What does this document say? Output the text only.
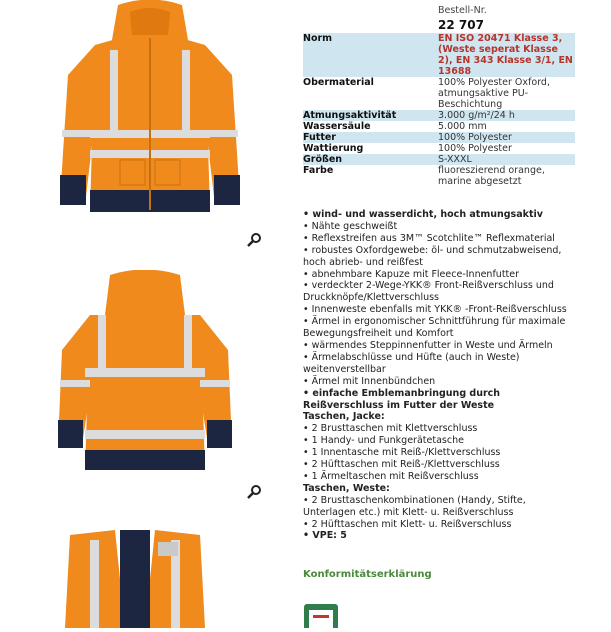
Bestell-Nr.
22 707
Norm	EN ISO 20471 Klasse 3, (Weste seperat Klasse 2), EN 343 Klasse 3/1, EN 13688
Obermaterial	100% Polyester Oxford, atmungsaktive PU-Beschichtung
Atmungsaktivität	3.000 g/m²/24 h
Wassersäule	5.000 mm
Futter	100% Polyester
Wattierung	100% Polyester
Größen	S-XXXL
Farbe	fluoreszierend orange, marine abgesetzt
• wind- und wasserdicht, hoch atmungsaktiv
• Nähte geschweißt
• Reflexstreifen aus 3M™ Scotchlite™ Reflexmaterial
• robustes Oxfordgewebe: öl- und schmutzabweisend, hoch abrieb- und reißfest
• abnehmbare Kapuze mit Fleece-Innenfutter
• verdeckter 2-Wege-YKK® Front-Reißverschluss und Druckknöpfe/Klettverschluss
• Innenweste ebenfalls mit YKK® -Front-Reißverschluss
• Ärmel in ergonomischer Schnittführung für maximale Bewegungsfreiheit und Komfort
• wärmendes Steppinnenfutter in Weste und Ärmeln
• Ärmelabschlüsse und Hüfte (auch in Weste) weitenverstellbar
• Ärmel mit Innenbündchen
• einfache Emblemanbringung durch Reißverschluss im Futter der Weste
Taschen, Jacke:
• 2 Brusttaschen mit Klettverschluss
• 1 Handy- und Funkgerätetasche
• 1 Innentasche mit Reiß-/Klettverschluss
• 2 Hüfttaschen mit Reiß-/Klettverschluss
• 1 Ärmeltaschen mit Reißverschluss
Taschen, Weste:
• 2 Brusttaschenkombinationen (Handy, Stifte, Unterlagen etc.) mit Klett- u. Reißverschluss
• 2 Hüfttaschen mit Klett- u. Reißverschluss
• VPE: 5
Konformitätserklärung
